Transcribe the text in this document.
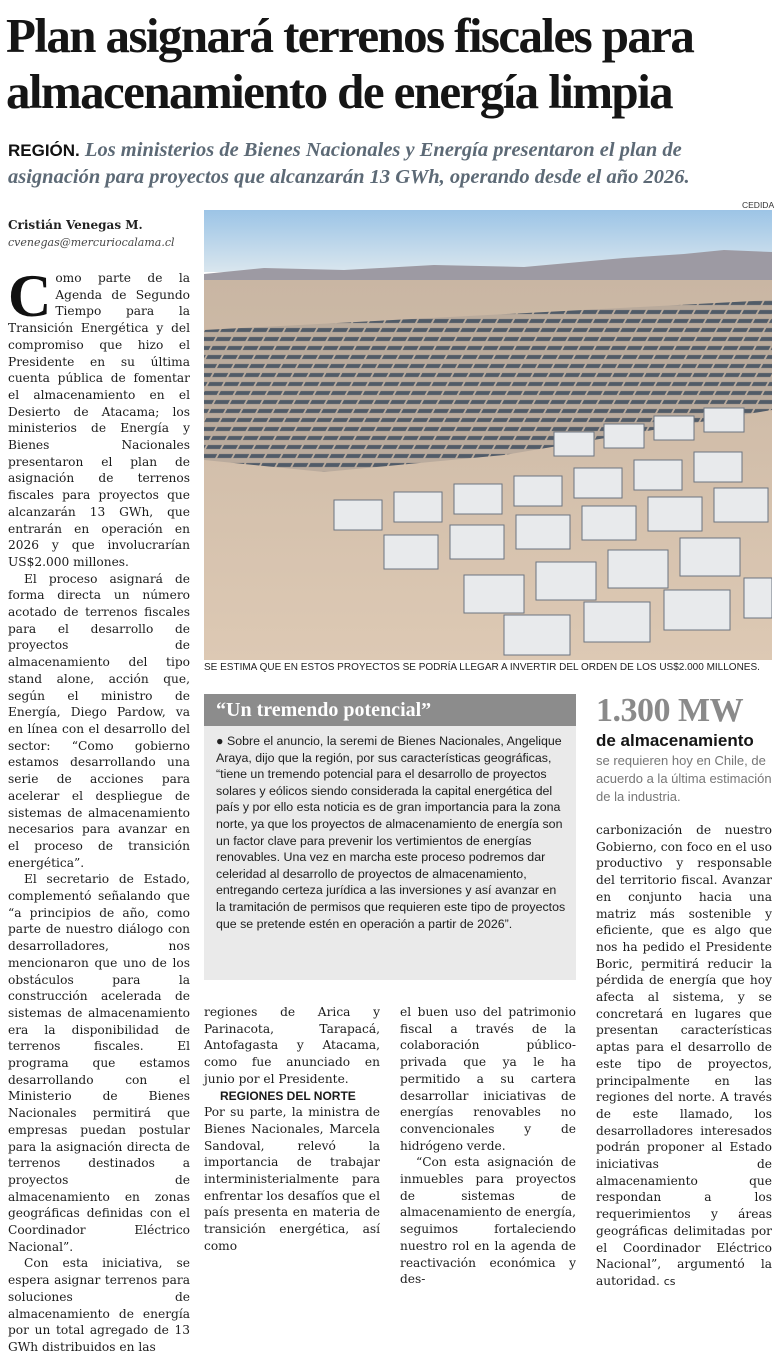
Plan asignará terrenos fiscales para almacenamiento de energía limpia
REGIÓN. Los ministerios de Bienes Nacionales y Energía presentaron el plan de asignación para proyectos que alcanzarán 13 GWh, operando desde el año 2026.
Cristián Venegas M.
cvenegas@mercuriocalama.cl
CEDIDA
SE ESTIMA QUE EN ESTOS PROYECTOS SE PODRÍA LLEGAR A INVERTIR DEL ORDEN DE LOS US$2.000 MILLONES.

Como parte de la Agenda de Segundo Tiempo para la Transición Energética y del compromiso que hizo el Presidente en su última cuenta pública de fomentar el almacenamiento en el Desierto de Atacama; los ministerios de Energía y Bienes Nacionales presentaron el plan de asignación de terrenos fiscales para proyectos que alcanzarán 13 GWh, que entrarán en operación en 2026 y que involucrarían US$2.000 millones.

El proceso asignará de forma directa un número acotado de terrenos fiscales para el desarrollo de proyectos de almacenamiento del tipo stand alone, acción que, según el ministro de Energía, Diego Pardow, va en línea con el desarrollo del sector: “Como gobierno estamos desarrollando una serie de acciones para acelerar el despliegue de sistemas de almacenamiento necesarios para avanzar en el proceso de transición energética”.

El secretario de Estado, complementó señalando que “a principios de año, como parte de nuestro diálogo con desarrolladores, nos mencionaron que uno de los obstáculos para la construcción acelerada de sistemas de almacenamiento era la disponibilidad de terrenos fiscales. El programa que estamos desarrollando con el Ministerio de Bienes Nacionales permitirá que empresas puedan postular para la asignación directa de terrenos destinados a proyectos de almacenamiento en zonas geográficas definidas con el Coordinador Eléctrico Nacional”.

Con esta iniciativa, se espera asignar terrenos para soluciones de almacenamiento de energía por un total agregado de 13 GWh distribuidos en las

“Un tremendo potencial”
● Sobre el anuncio, la seremi de Bienes Nacionales, Angelique Araya, dijo que la región, por sus características geográficas, “tiene un tremendo potencial para el desarrollo de proyectos solares y eólicos siendo considerada la capital energética del país y por ello esta noticia es de gran importancia para la zona norte, ya que los proyectos de almacenamiento de energía son un factor clave para prevenir los vertimientos de energías renovables. Una vez en marcha este proceso podremos dar celeridad al desarrollo de proyectos de almacenamiento, entregando certeza jurídica a las inversiones y así avanzar en la tramitación de permisos que requieren este tipo de proyectos que se pretende estén en operación a partir de 2026”.
1.300 MW
de almacenamiento
se requieren hoy en Chile, de acuerdo a la última estimación de la industria.

regiones de Arica y Parinacota, Tarapacá, Antofagasta y Atacama, como fue anunciado en junio por el Presidente.

REGIONES DEL NORTE

Por su parte, la ministra de Bienes Nacionales, Marcela Sandoval, relevó la importancia de trabajar interministerialmente para enfrentar los desafíos que el país presenta en materia de transición energética, así como

el buen uso del patrimonio fiscal a través de la colaboración público-privada que ya le ha permitido a su cartera desarrollar iniciativas de energías renovables no convencionales y de hidrógeno verde.

“Con esta asignación de inmuebles para proyectos de sistemas de almacenamiento de energía, seguimos fortaleciendo nuestro rol en la agenda de reactivación económica y des-

carbonización de nuestro Gobierno, con foco en el uso productivo y responsable del territorio fiscal. Avanzar en conjunto hacia una matriz más sostenible y eficiente, que es algo que nos ha pedido el Presidente Boric, permitirá reducir la pérdida de energía que hoy afecta al sistema, y se concretará en lugares que presentan características aptas para el desarrollo de este tipo de proyectos, principalmente en las regiones del norte. A través de este llamado, los desarrolladores interesados podrán proponer al Estado iniciativas de almacenamiento que respondan a los requerimientos y áreas geográficas delimitadas por el Coordinador Eléctrico Nacional”, argumentó la autoridad. cs
